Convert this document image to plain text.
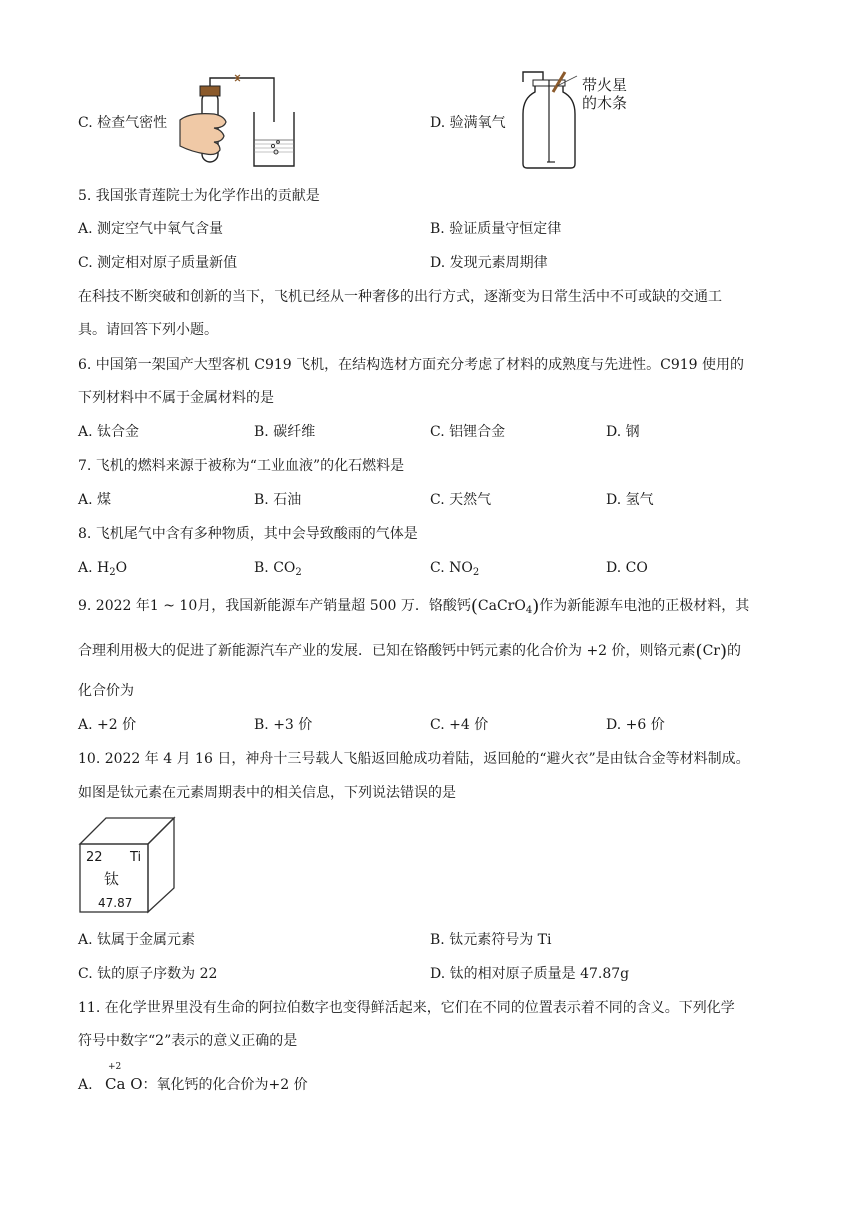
C. 检查气密性	D. 验满氧气
带火星
的木条
5. 我国张青莲院士为化学作出的贡献是
A. 测定空气中氧气含量	B. 验证质量守恒定律
C. 测定相对原子质量新值	D. 发现元素周期律
在科技不断突破和创新的当下，飞机已经从一种奢侈的出行方式，逐渐变为日常生活中不可或缺的交通工
具。请回答下列小题。
6. 中国第一架国产大型客机 C919 飞机，在结构选材方面充分考虑了材料的成熟度与先进性。C919 使用的
下列材料中不属于金属材料的是
A. 钛合金	B. 碳纤维	C. 铝锂合金	D. 钢
7. 飞机的燃料来源于被称为“工业血液”的化石燃料是
A. 煤	B. 石油	C. 天然气	D. 氢气
8. 飞机尾气中含有多种物质，其中会导致酸雨的气体是
A. $H_2O$	B. $CO_2$	C. $NO_2$	D. CO
9. 2022 年1 ~ 10月，我国新能源车产销量超 500 万．铬酸钙(CaCrO$_4$)作为新能源车电池的正极材料，其
合理利用极大的促进了新能源汽车产业的发展．已知在铬酸钙中钙元素的化合价为 +2 价，则铬元素(Cr)的
化合价为
A. +2 价	B. +3 价	C. +4 价	D. +6 价
10. 2022 年 4 月 16 日，神舟十三号载人飞船返回舱成功着陆，返回舱的“避火衣”是由钛合金等材料制成。
如图是钛元素在元素周期表中的相关信息，下列说法错误的是
22 Ti
钛
47.87
A. 钛属于金属元素	B. 钛元素符号为 Ti
C. 钛的原子序数为 22	D. 钛的相对原子质量是 47.87g
11. 在化学世界里没有生命的阿拉伯数字也变得鲜活起来，它们在不同的位置表示着不同的含义。下列化学
符号中数字“2”表示的意义正确的是
A.
+2
Ca O：氧化钙的化合价为+2 价
